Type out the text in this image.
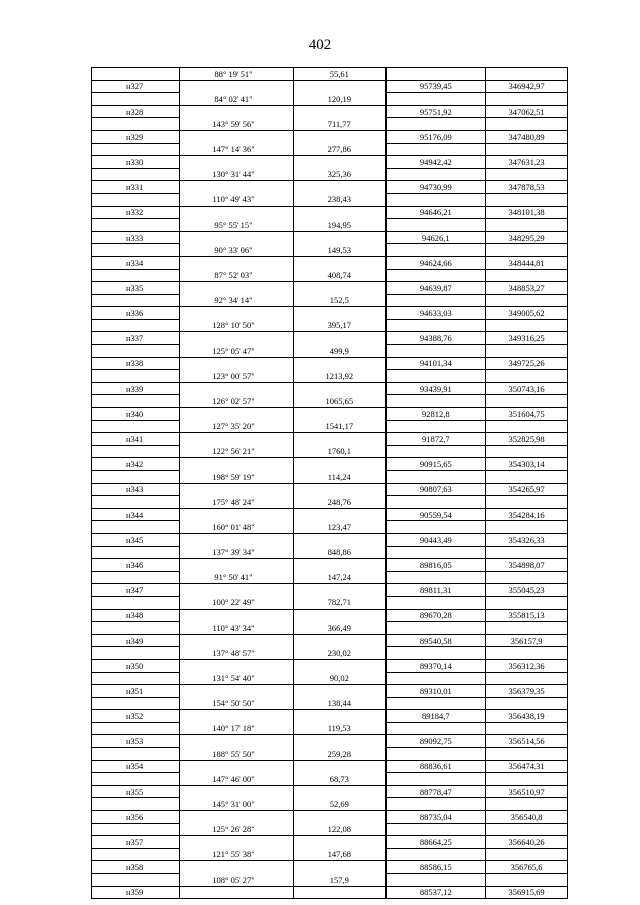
402
	88° 19' 51"	55,61		
н327			95739,45	346942,97
	84° 02' 41"	120,19		
н328			95751,92	347062,51
	143° 59' 56"	711,77		
н329			95176,09	347480,89
	147° 14' 36"	277,86		
н330			94942,42	347631,23
	130° 31' 44"	325,36		
н331			94730,99	347878,53
	110° 49' 43"	238,43		
н332			94646,21	348101,38
	95° 55' 15"	194,95		
н333			94626,1	348295,29
	90° 33' 06"	149,53		
н334			94624,66	348444,81
	87° 52' 03"	408,74		
н335			94639,87	348853,27
	92° 34' 14"	152,5		
н336			94633,03	349005,62
	128° 10' 50"	395,17		
н337			94388,76	349316,25
	125° 05' 47"	499,9		
н338			94101,34	349725,26
	123° 00' 57"	1213,92		
н339			93439,91	350743,16
	126° 02' 57"	1065,65		
н340			92812,8	351604,75
	127° 35' 20"	1541,17		
н341			91872,7	352825,98
	122° 56' 21"	1760,1		
н342			90915,65	354303,14
	198° 59' 19"	114,24		
н343			90807,63	354265,97
	175° 48' 24"	248,76		
н344			90559,54	354284,16
	160° 01' 48"	123,47		
н345			90443,49	354326,33
	137° 39' 34"	848,86		
н346			89816,05	354898,07
	91° 50' 41"	147,24		
н347			89811,31	355045,23
	100° 22' 49"	782,71		
н348			89670,28	355815,13
	110° 43' 34"	366,49		
н349			89540,58	356157,9
	137° 48' 57"	230,02		
н350			89370,14	356312,36
	131° 54' 40"	90,02		
н351			89310,01	356379,35
	154° 50' 50"	138,44		
н352			89184,7	356438,19
	140° 17' 18"	119,53		
н353			89092,75	356514,56
	188° 55' 50"	259,28		
н354			88836,61	356474,31
	147° 46' 00"	68,73		
н355			88778,47	356510,97
	145° 31' 00"	52,69		
н356			88735,04	356540,8
	125° 26' 28"	122,08		
н357			88664,25	356640,26
	121° 55' 38"	147,68		
н358			88586,15	356765,6
	108° 05' 27"	157,9		
н359			88537,12	356915,69
